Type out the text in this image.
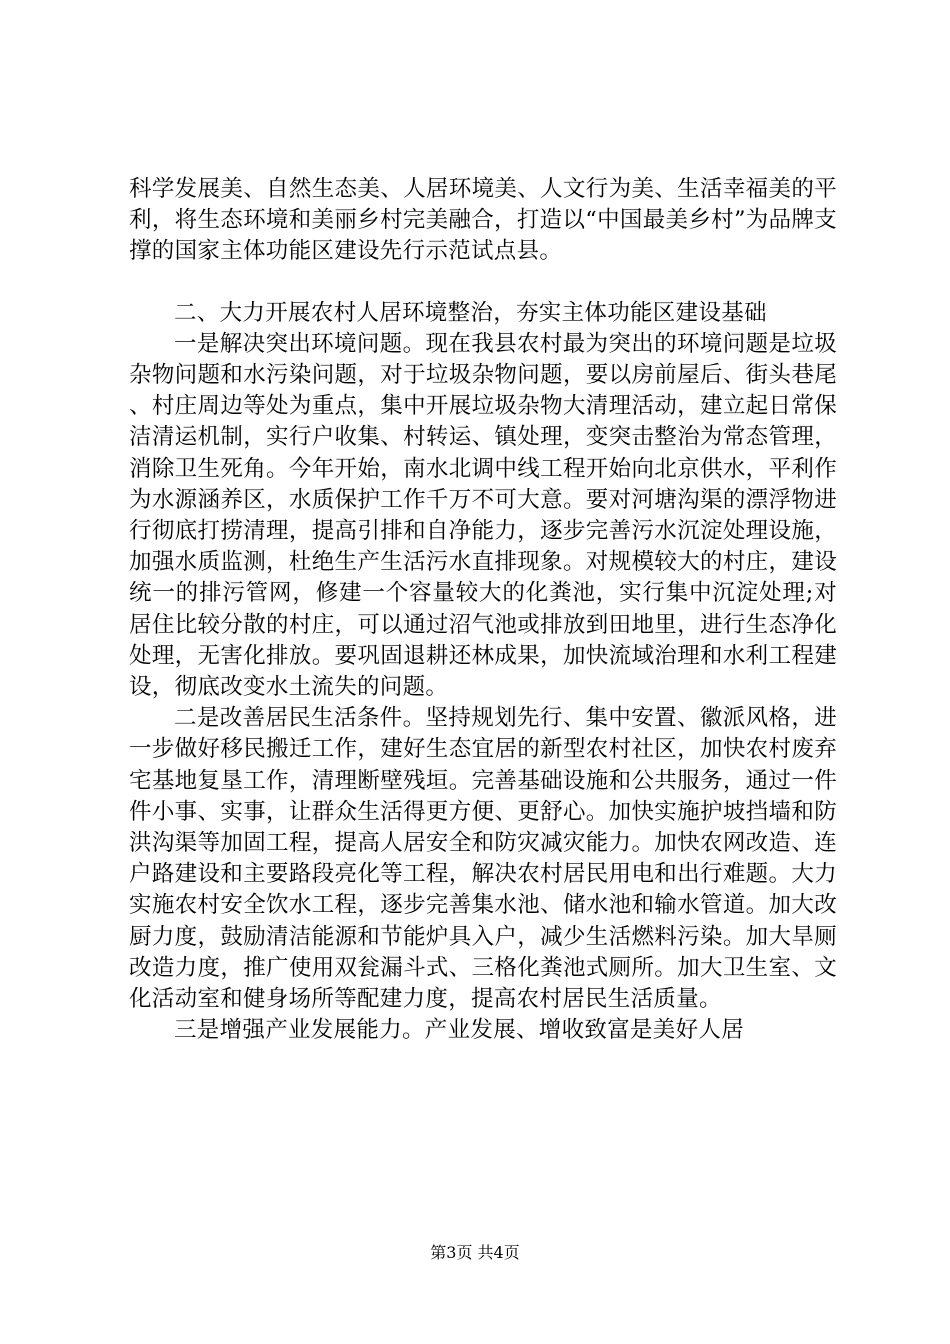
科学发展美、自然生态美、人居环境美、人文行为美、生活幸福美的平利，将生态环境和美丽乡村完美融合，打造以“中国最美乡村”为品牌支撑的国家主体功能区建设先行示范试点县。

二、大力开展农村人居环境整治，夯实主体功能区建设基础

一是解决突出环境问题。现在我县农村最为突出的环境问题是垃圾杂物问题和水污染问题，对于垃圾杂物问题，要以房前屋后、街头巷尾、村庄周边等处为重点，集中开展垃圾杂物大清理活动，建立起日常保洁清运机制，实行户收集、村转运、镇处理，变突击整治为常态管理，消除卫生死角。今年开始，南水北调中线工程开始向北京供水，平利作为水源涵养区，水质保护工作千万不可大意。要对河塘沟渠的漂浮物进行彻底打捞清理，提高引排和自净能力，逐步完善污水沉淀处理设施，加强水质监测，杜绝生产生活污水直排现象。对规模较大的村庄，建设统一的排污管网，修建一个容量较大的化粪池，实行集中沉淀处理;对居住比较分散的村庄，可以通过沼气池或排放到田地里，进行生态净化处理，无害化排放。要巩固退耕还林成果，加快流域治理和水利工程建设，彻底改变水土流失的问题。

二是改善居民生活条件。坚持规划先行、集中安置、徽派风格，进一步做好移民搬迁工作，建好生态宜居的新型农村社区，加快农村废弃宅基地复垦工作，清理断壁残垣。完善基础设施和公共服务，通过一件件小事、实事，让群众生活得更方便、更舒心。加快实施护坡挡墙和防洪沟渠等加固工程，提高人居安全和防灾减灾能力。加快农网改造、连户路建设和主要路段亮化等工程，解决农村居民用电和出行难题。大力实施农村安全饮水工程，逐步完善集水池、储水池和输水管道。加大改厨力度，鼓励清洁能源和节能炉具入户，减少生活燃料污染。加大旱厕改造力度，推广使用双瓮漏斗式、三格化粪池式厕所。加大卫生室、文化活动室和健身场所等配建力度，提高农村居民生活质量。

三是增强产业发展能力。产业发展、增收致富是美好人居

第3页 共4页
